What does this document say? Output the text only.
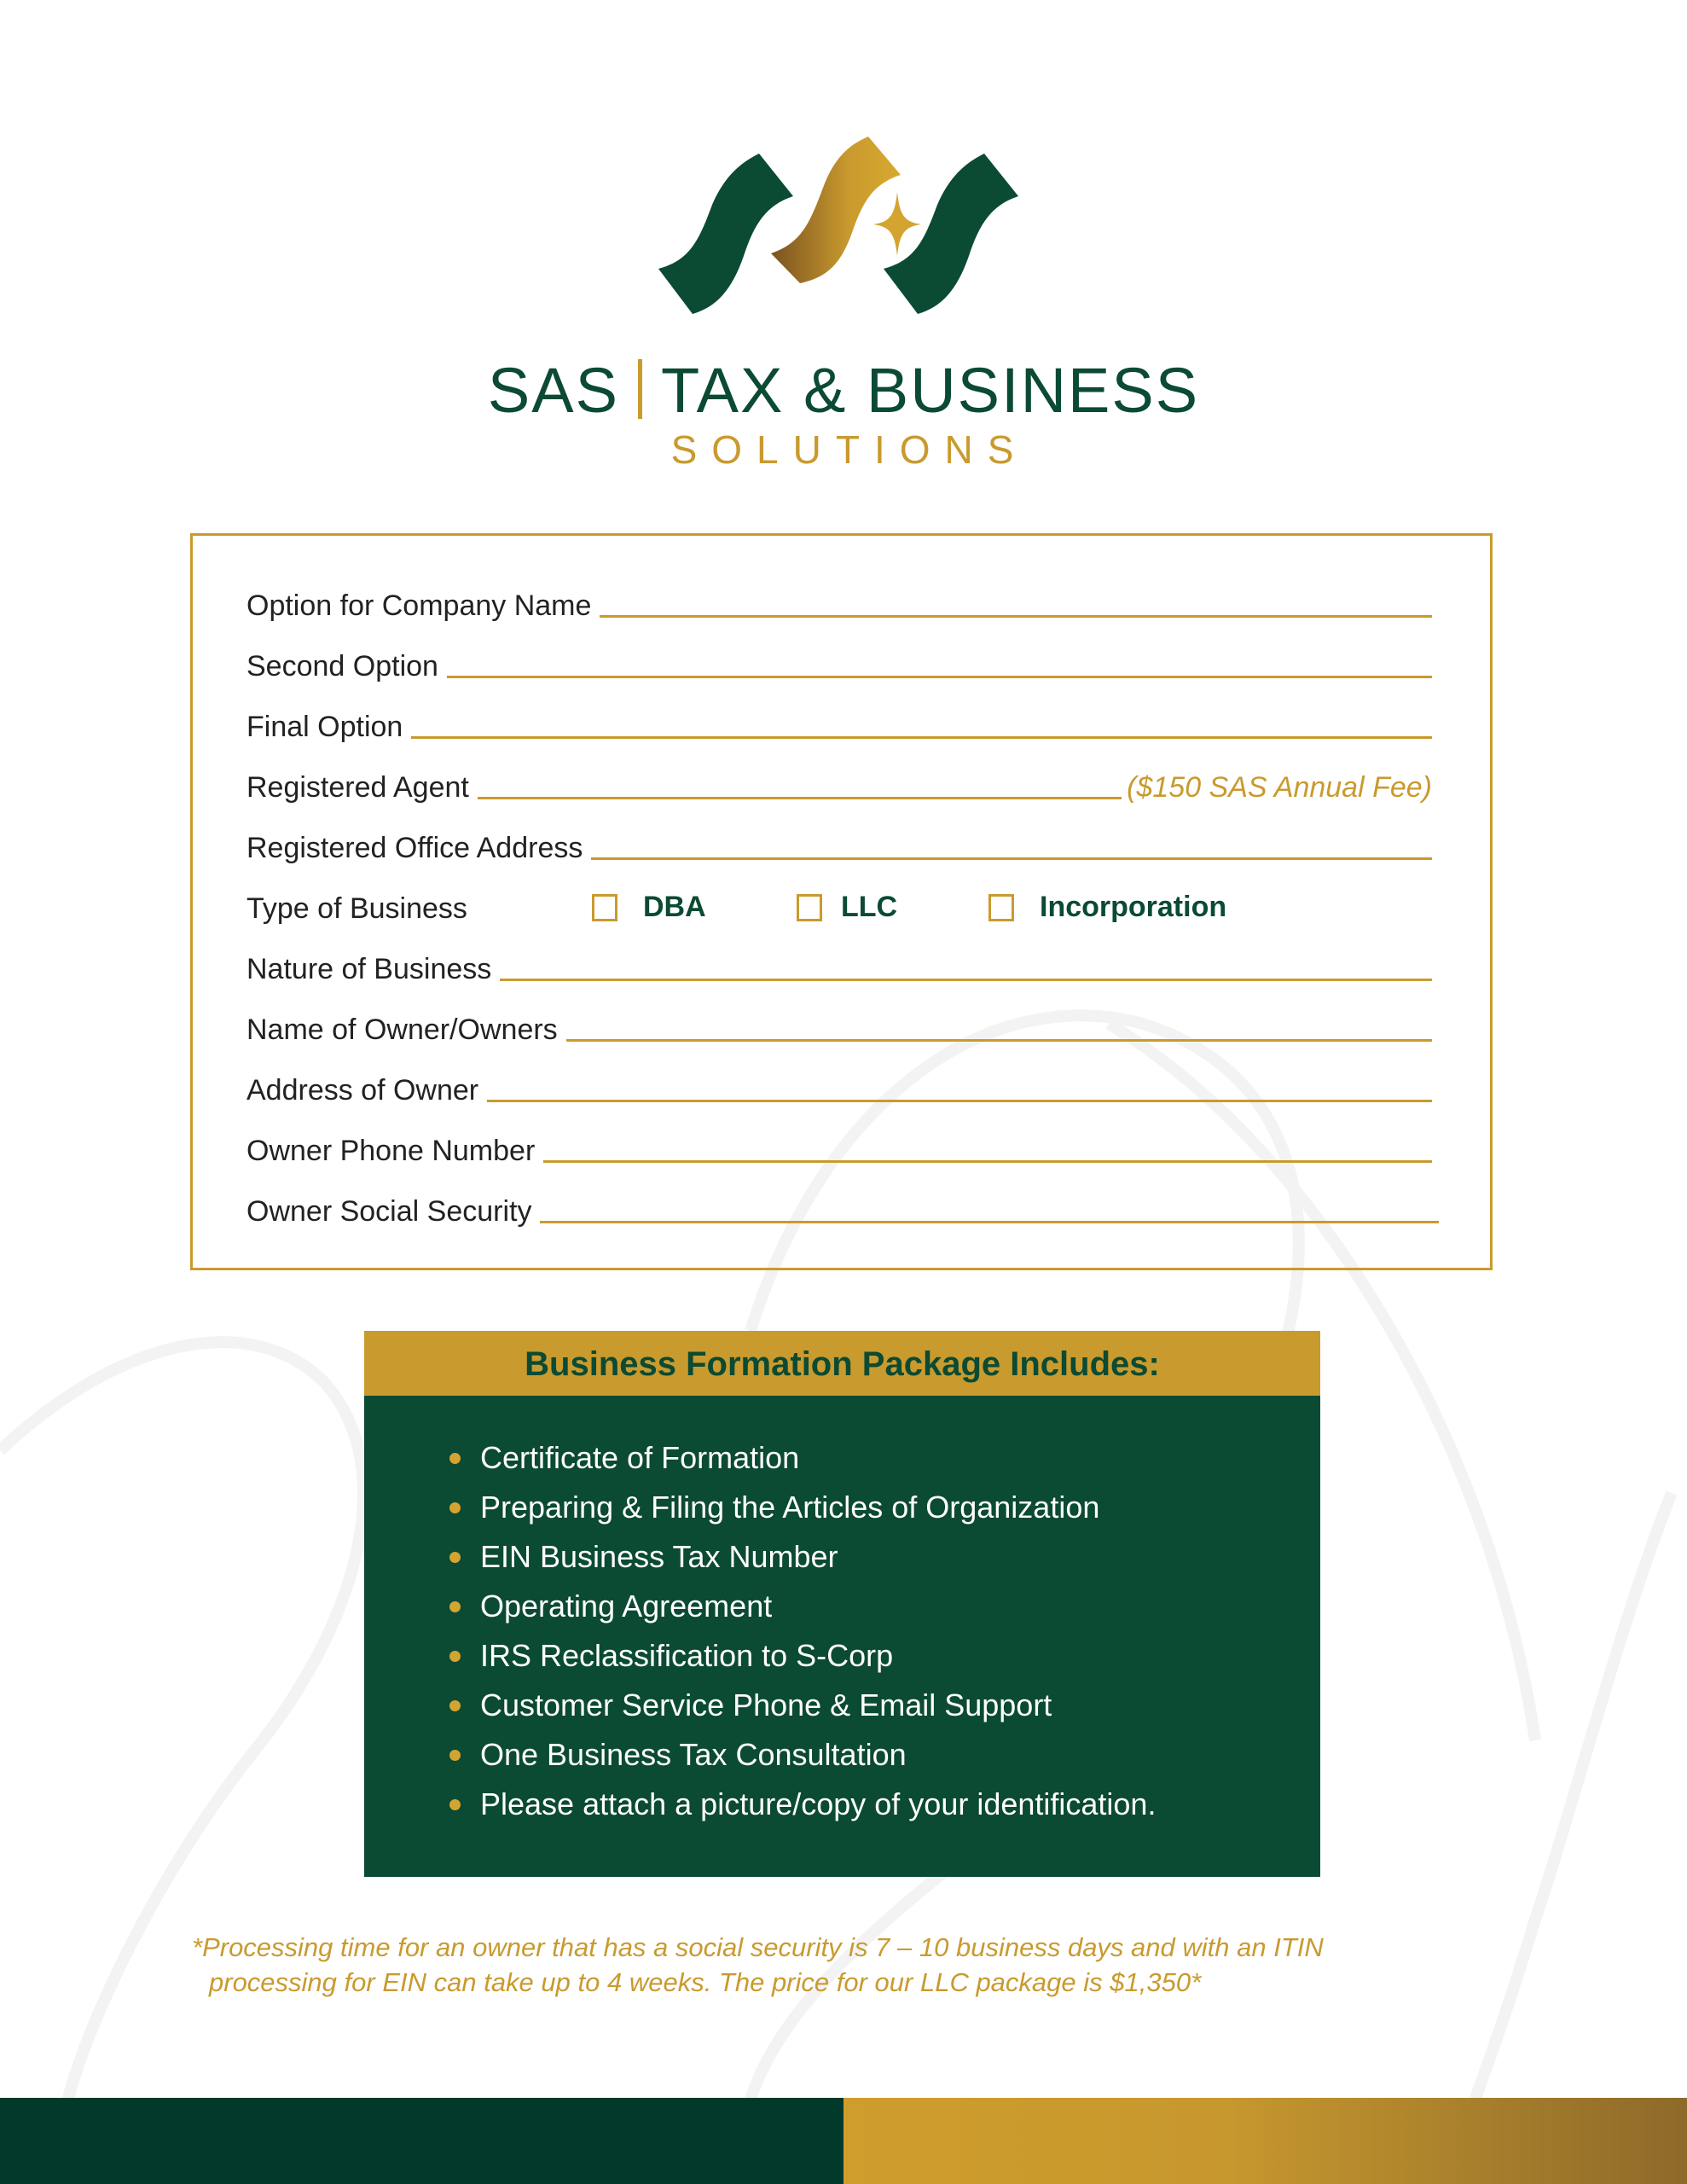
SAS TAX & BUSINESS
SOLUTIONS
Option for Company Name
Second Option
Final Option
Registered Agent	($150 SAS Annual Fee)
Registered Office Address
Type of Business	DBA	LLC	Incorporation
Nature of Business
Name of Owner/Owners
Address of Owner
Owner Phone Number
Owner Social Security
Business Formation Package Includes:
Certificate of Formation
Preparing & Filing the Articles of Organization
EIN Business Tax Number
Operating Agreement
IRS Reclassification to S-Corp
Customer Service Phone & Email Support
One Business Tax Consultation
Please attach a picture/copy of your identification.
*Processing time for an owner that has a social security is 7 – 10 business days and with an ITIN
processing for EIN can take up to 4 weeks. The price for our LLC package is $1,350*
